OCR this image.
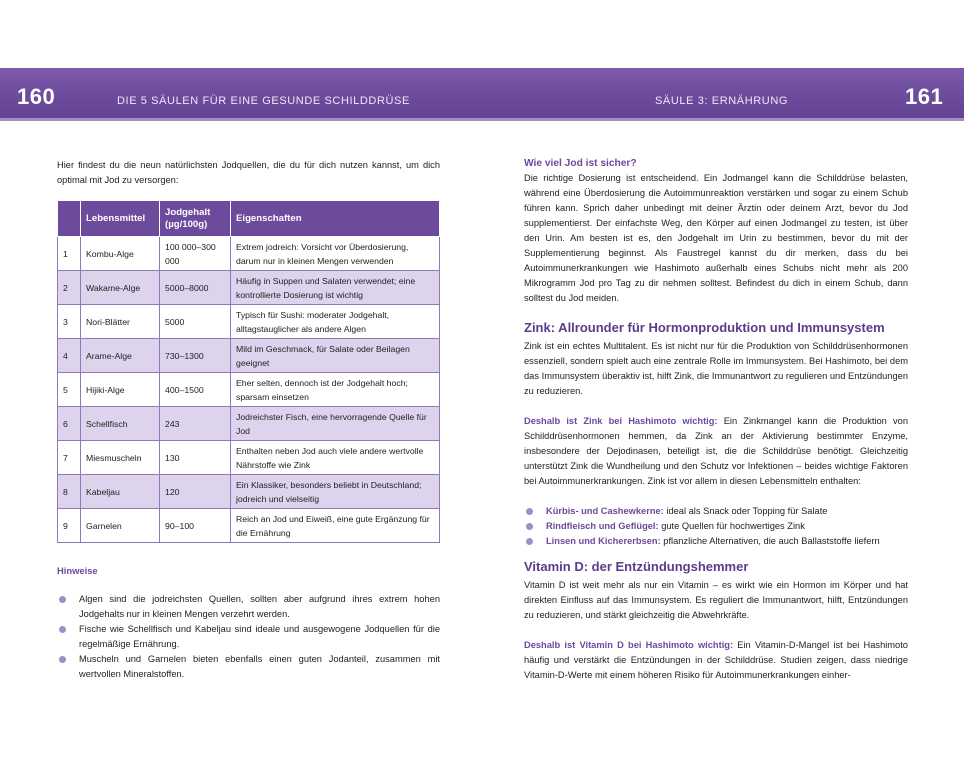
160	DIE 5 SÄULEN FÜR EINE GESUNDE SCHILDDRÜSE	SÄULE 3: ERNÄHRUNG	161

Hier findest du die neun natürlichsten Jodquellen, die du für dich nutzen kannst, um dich optimal mit Jod zu versorgen:

	Lebensmittel	Jodgehalt (µg/100g)	Eigenschaften
1	Kombu-Alge	100 000–300 000	Extrem jodreich: Vorsicht vor Überdosierung, darum nur in kleinen Mengen verwenden
2	Wakame-Alge	5000–8000	Häufig in Suppen und Salaten verwendet; eine kontrollierte Dosierung ist wichtig
3	Nori-Blätter	5000	Typisch für Sushi: moderater Jodgehalt, alltagstauglicher als andere Algen
4	Arame-Alge	730–1300	Mild im Geschmack, für Salate oder Beilagen geeignet
5	Hijiki-Alge	400–1500	Eher selten, dennoch ist der Jodgehalt hoch; sparsam einsetzen
6	Schellfisch	243	Jodreichster Fisch, eine hervorragende Quelle für Jod
7	Miesmuscheln	130	Enthalten neben Jod auch viele andere wertvolle Nährstoffe wie Zink
8	Kabeljau	120	Ein Klassiker, besonders beliebt in Deutschland; jodreich und vielseitig
9	Garnelen	90–100	Reich an Jod und Eiweiß, eine gute Ergänzung für die Ernährung
Hinweise
Algen sind die jodreichsten Quellen, sollten aber aufgrund ihres extrem hohen Jodgehalts nur in kleinen Mengen verzehrt werden.
Fische wie Schellfisch und Kabeljau sind ideale und ausgewogene Jodquellen für die regelmäßige Ernährung.
Muscheln und Garnelen bieten ebenfalls einen guten Jodanteil, zusammen mit wertvollen Mineralstoffen.
Wie viel Jod ist sicher?

Die richtige Dosierung ist entscheidend. Ein Jodmangel kann die Schilddrüse belasten, während eine Überdosierung die Autoimmunreaktion verstärken und sogar zu einem Schub führen kann. Sprich daher unbedingt mit deiner Ärztin oder deinem Arzt, bevor du Jod supplementierst. Der einfachste Weg, den Körper auf einen Jodmangel zu testen, ist über den Urin. Am besten ist es, den Jodgehalt im Urin zu bestimmen, bevor du mit der Supplementierung beginnst. Als Faustregel kannst du dir merken, dass du bei Autoimmunerkrankungen wie Hashimoto außerhalb eines Schubs nicht mehr als 200 Mikrogramm Jod pro Tag zu dir nehmen solltest. Befindest du dich in einem Schub, dann solltest du Jod meiden.

Zink: Allrounder für Hormonproduktion und Immunsystem

Zink ist ein echtes Multitalent. Es ist nicht nur für die Produktion von Schilddrüsenhormonen essenziell, sondern spielt auch eine zentrale Rolle im Immunsystem. Bei Hashimoto, bei dem das Immunsystem überaktiv ist, hilft Zink, die Immunantwort zu regulieren und Entzündungen zu reduzieren.

Deshalb ist Zink bei Hashimoto wichtig: Ein Zinkmangel kann die Produktion von Schilddrüsenhormonen hemmen, da Zink an der Aktivierung bestimmter Enzyme, insbesondere der Dejodinasen, beteiligt ist, die die Schilddrüse benötigt. Gleichzeitig unterstützt Zink die Wundheilung und den Schutz vor Infektionen – beides wichtige Faktoren bei Autoimmunerkrankungen. Zink ist vor allem in diesen Lebensmitteln enthalten:

Kürbis- und Cashewkerne: ideal als Snack oder Topping für Salate
Rindfleisch und Geflügel: gute Quellen für hochwertiges Zink
Linsen und Kichererbsen: pflanzliche Alternativen, die auch Ballaststoffe liefern
Vitamin D: der Entzündungshemmer

Vitamin D ist weit mehr als nur ein Vitamin – es wirkt wie ein Hormon im Körper und hat direkten Einfluss auf das Immunsystem. Es reguliert die Immunantwort, hilft, Entzündungen zu reduzieren, und stärkt gleichzeitig die Abwehrkräfte.

Deshalb ist Vitamin D bei Hashimoto wichtig: Ein Vitamin-D-Mangel ist bei Hashimoto häufig und verstärkt die Entzündungen in der Schilddrüse. Studien zeigen, dass niedrige Vitamin-D-Werte mit einem höheren Risiko für Autoimmunerkrankungen einher-
